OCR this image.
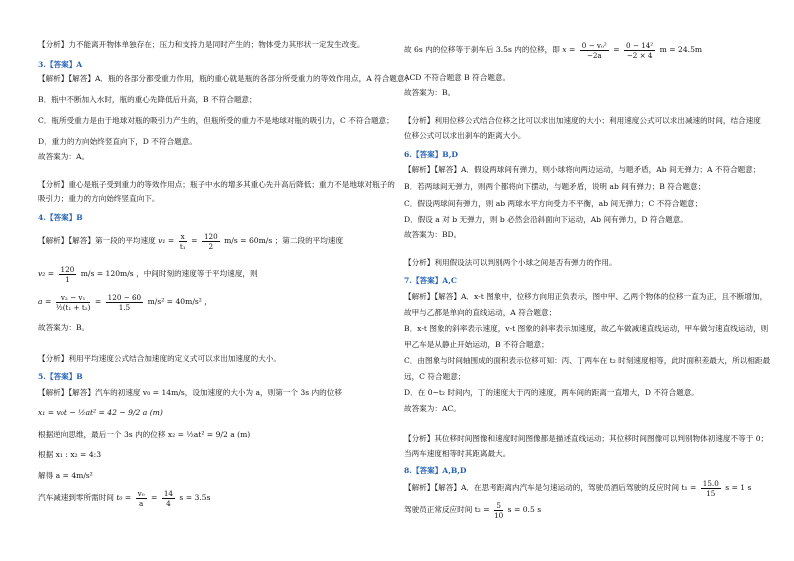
【分析】力不能离开物体单独存在；压力和支持力是同时产生的；物体受力其形状一定发生改变。
3.【答案】A
【解析】【解答】A．瓶的各部分都受重力作用，瓶的重心就是瓶的各部分所受重力的等效作用点，A 符合题意；
B．瓶中不断加入水时，瓶的重心先降低后升高，B 不符合题意；
C．瓶所受重力是由于地球对瓶的吸引力产生的，但瓶所受的重力不是地球对瓶的吸引力，C 不符合题意；
D．重力的方向始终竖直向下，D 不符合题意。
故答案为：A。
【分析】重心是瓶子受到重力的等效作用点；瓶子中水的增多其重心先升高后降低；重力不是地球对瓶子的
吸引力；重力的方向始终竖直向下。
4.【答案】B
【解析】【解答】第一段的平均速度 $v_1 = \frac{x}{\text{t₁}} = \frac{120}{2} m/s = 60m/s$ ；第二段的平均速度
$v_2 = \frac{120}{1} m/s = 120m/s$ ，中间时刻的速度等于平均速度，则
$a = \frac{\text{v₂ − v₁}}{\text{½(t₁ + t₂)}} = \frac{120 - 60}{1.5} m/s^2 = 40m/s^2$ ，
故答案为：B。
【分析】利用平均速度公式结合加速度的定义式可以求出加速度的大小。
5.【答案】B
【解析】【解答】汽车的初速度 v₀ = 14m/s，设加速度的大小为 a，则第一个 3s 内的位移
x₁ = v₀t − ½at² = 42 − 9/2 a (m)
根据逆向思维，最后一个 3s 内的位移 x₂ = ½at² = 9/2 a (m)
根据 x₁ : x₂ = 4:3
解得 a = 4m/s²
汽车减速到零所需时间 $t_0 = \frac{\text{v₀}}{a} = \frac{14}{4}$ s = 3.5s
故 6s 内的位移等于刹车后 3.5s 内的位移，即 $x = \frac{\text{0 − v₀²}}{-2a} = \frac{\text{0 − 14²}}{-2 \times 4}$ m = 24.5m
ACD 不符合题意 B 符合题意。
故答案为：B。
【分析】利用位移公式结合位移之比可以求出加速度的大小；利用速度公式可以求出减速的时间，结合速度
位移公式可以求出刹车的距离大小。
6.【答案】B,D
【解析】【解答】A．假设两球间有弹力，则小球将向两边运动，与题矛盾，Ab 间无弹力；A 不符合题意；
B．若两球间无弹力，则两个都将向下摆动，与题矛盾，说明 ab 间有弹力；B 符合题意；
C．假设两球间有弹力，则 ab 两球水平方向受力不平衡，ab 间无弹力；C 不符合题意；
D．假设 a 对 b 无弹力，则 b 必然会沿斜面向下运动，Ab 间有弹力，D 符合题意。
故答案为：BD。
【分析】利用假设法可以判别两个小球之间是否有弹力的作用。
7.【答案】A,C
【解析】【解答】A．x-t 图象中，位移方向用正负表示，图中甲、乙两个物体的位移一直为正，且不断增加，
故甲与乙都是单向的直线运动，A 符合题意；
B．x-t 图象的斜率表示速度，v-t 图象的斜率表示加速度，故乙车做减速直线运动，甲车做匀速直线运动，则
甲乙车是从静止开始运动，B 不符合题意；
C．由图象与时间轴围成的面积表示位移可知：丙、丁两车在 t₂ 时刻速度相等，此时面积差最大，所以相距最
远，C 符合题意；
D．在 0~t₂ 时间内，丁的速度大于丙的速度，两车间的距离一直增大，D 不符合题意。
故答案为：AC。
【分析】其位移时间图像和速度时间图像都是描述直线运动；其位移时间图像可以判别物体初速度不等于 0；
当两车速度相等时其距离最大。
8.【答案】A,B,D
【解析】【解答】A．在思考距离内汽车是匀速运动的，驾驶员酒后驾驶的反应时间 $t_1 = \frac{15.0}{15}$ s = 1 s
驾驶员正常反应时间 $t_2 = \frac{5}{10}$ s = 0.5 s
